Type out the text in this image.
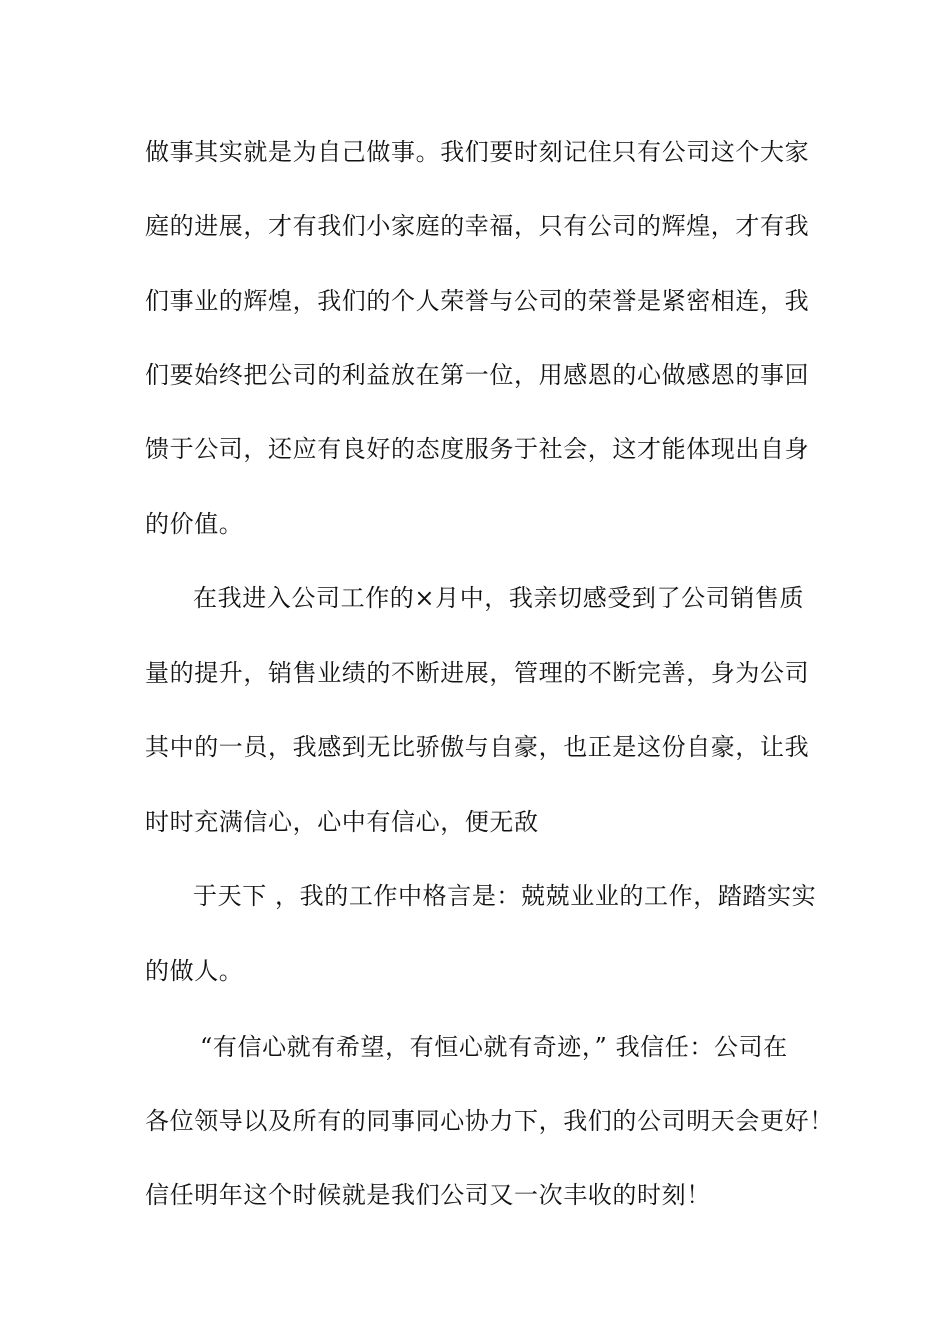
做事其实就是为自己做事。我们要时刻记住只有公司这个大家
庭的进展，才有我们小家庭的幸福，只有公司的辉煌，才有我
们事业的辉煌，我们的个人荣誉与公司的荣誉是紧密相连，我
们要始终把公司的利益放在第一位，用感恩的心做感恩的事回
馈于公司，还应有良好的态度服务于社会，这才能体现出自身
的价值。
在我进入公司工作的×月中，我亲切感受到了公司销售质
量的提升，销售业绩的不断进展，管理的不断完善，身为公司
其中的一员，我感到无比骄傲与自豪，也正是这份自豪，让我
时时充满信心，心中有信心，便无敌
于天下 ，我的工作中格言是：兢兢业业的工作，踏踏实实
的做人。
“有信心就有希望，有恒心就有奇迹，” 我信任：公司在
各位领导以及所有的同事同心协力下，我们的公司明天会更好！
信任明年这个时候就是我们公司又一次丰收的时刻！
